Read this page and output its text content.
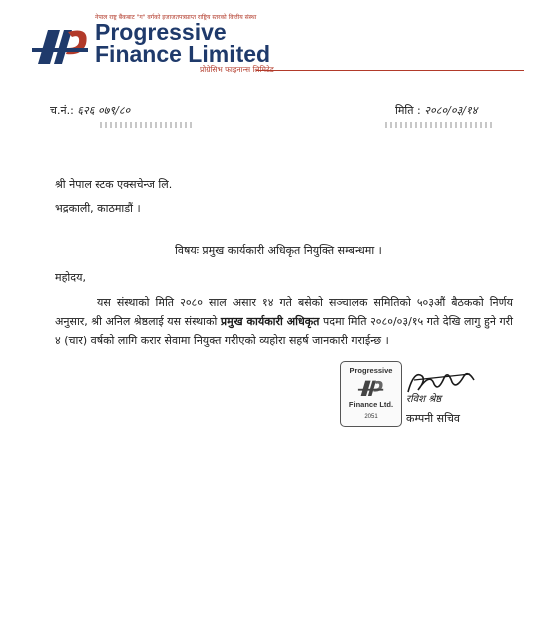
नेपाल राष्ट्र बैंकबाट "ग" वर्गको इजाजतपत्रप्राप्त राष्ट्रिय स्तरको वित्तीय संस्था
Progressive
Finance Limited
प्रोग्रेसिभ फाइनान्स लिमिटेड
च.नं.: ६२६ ०७९/८०	मिति : २०८०/०३/१४
श्री नेपाल स्टक एक्सचेन्ज लि.
भद्रकाली, काठमाडौं ।
विषयः प्रमुख कार्यकारी अधिकृत नियुक्ति सम्बन्धमा ।
महोदय,
यस संस्थाको मिति २०८० साल असार १४ गते बसेको सञ्चालक समितिको ५०३औं बैठकको निर्णय अनुसार, श्री अनिल श्रेष्ठलाई यस संस्थाको प्रमुख कार्यकारी अधिकृत पदमा मिति २०८०/०३/१५ गते देखि लागु हुने गरी ४ (चार) वर्षको लागि करार सेवामा नियुक्त गरीएको व्यहोरा सहर्ष जानकारी गराईन्छ ।
Progressive
Finance Ltd.
2051
रविश श्रेष्ठ
कम्पनी सचिव
